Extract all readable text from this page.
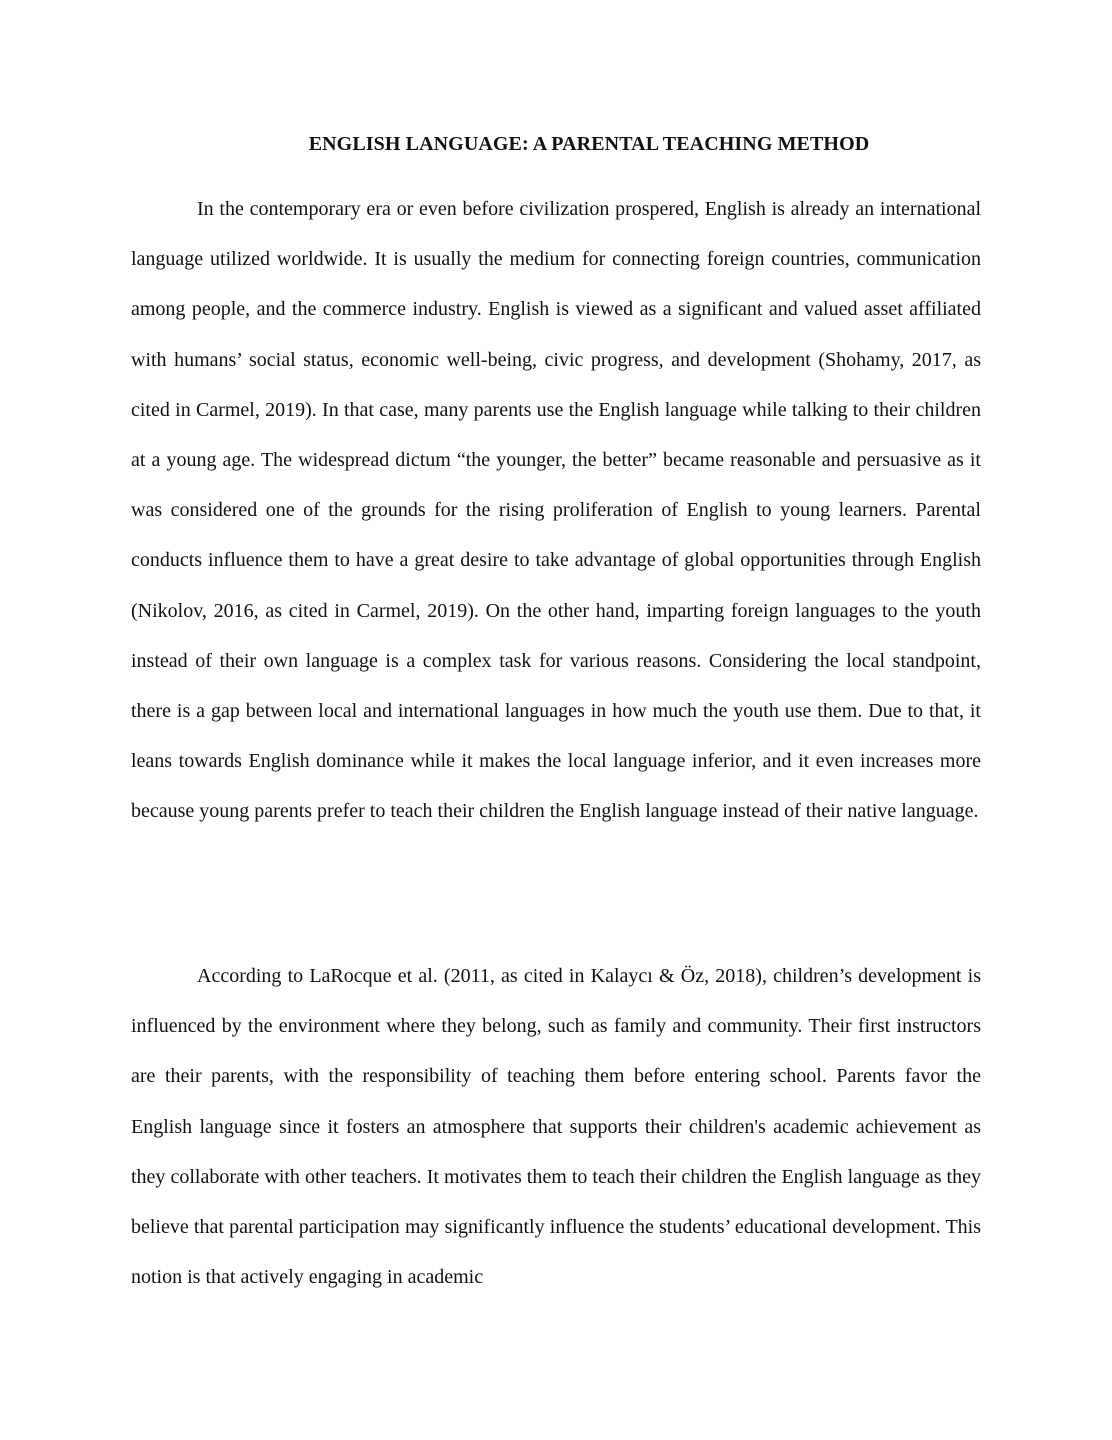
ENGLISH LANGUAGE: A PARENTAL TEACHING METHOD

In the contemporary era or even before civilization prospered, English is already an international language utilized worldwide. It is usually the medium for connecting foreign countries, communication among people, and the commerce industry. English is viewed as a significant and valued asset affiliated with humans’ social status, economic well-being, civic progress, and development (Shohamy, 2017, as cited in Carmel, 2019). In that case, many parents use the English language while talking to their children at a young age. The widespread dictum “the younger, the better” became reasonable and persuasive as it was considered one of the grounds for the rising proliferation of English to young learners. Parental conducts influence them to have a great desire to take advantage of global opportunities through English (Nikolov, 2016, as cited in Carmel, 2019). On the other hand, imparting foreign languages to the youth instead of their own language is a complex task for various reasons. Considering the local standpoint, there is a gap between local and international languages in how much the youth use them. Due to that, it leans towards English dominance while it makes the local language inferior, and it even increases more because young parents prefer to teach their children the English language instead of their native language.

According to LaRocque et al. (2011, as cited in Kalaycı & Öz, 2018), children’s development is influenced by the environment where they belong, such as family and community. Their first instructors are their parents, with the responsibility of teaching them before entering school. Parents favor the English language since it fosters an atmosphere that supports their children's academic achievement as they collaborate with other teachers. It motivates them to teach their children the English language as they believe that parental participation may significantly influence the students’ educational development. This notion is that actively engaging in academic
